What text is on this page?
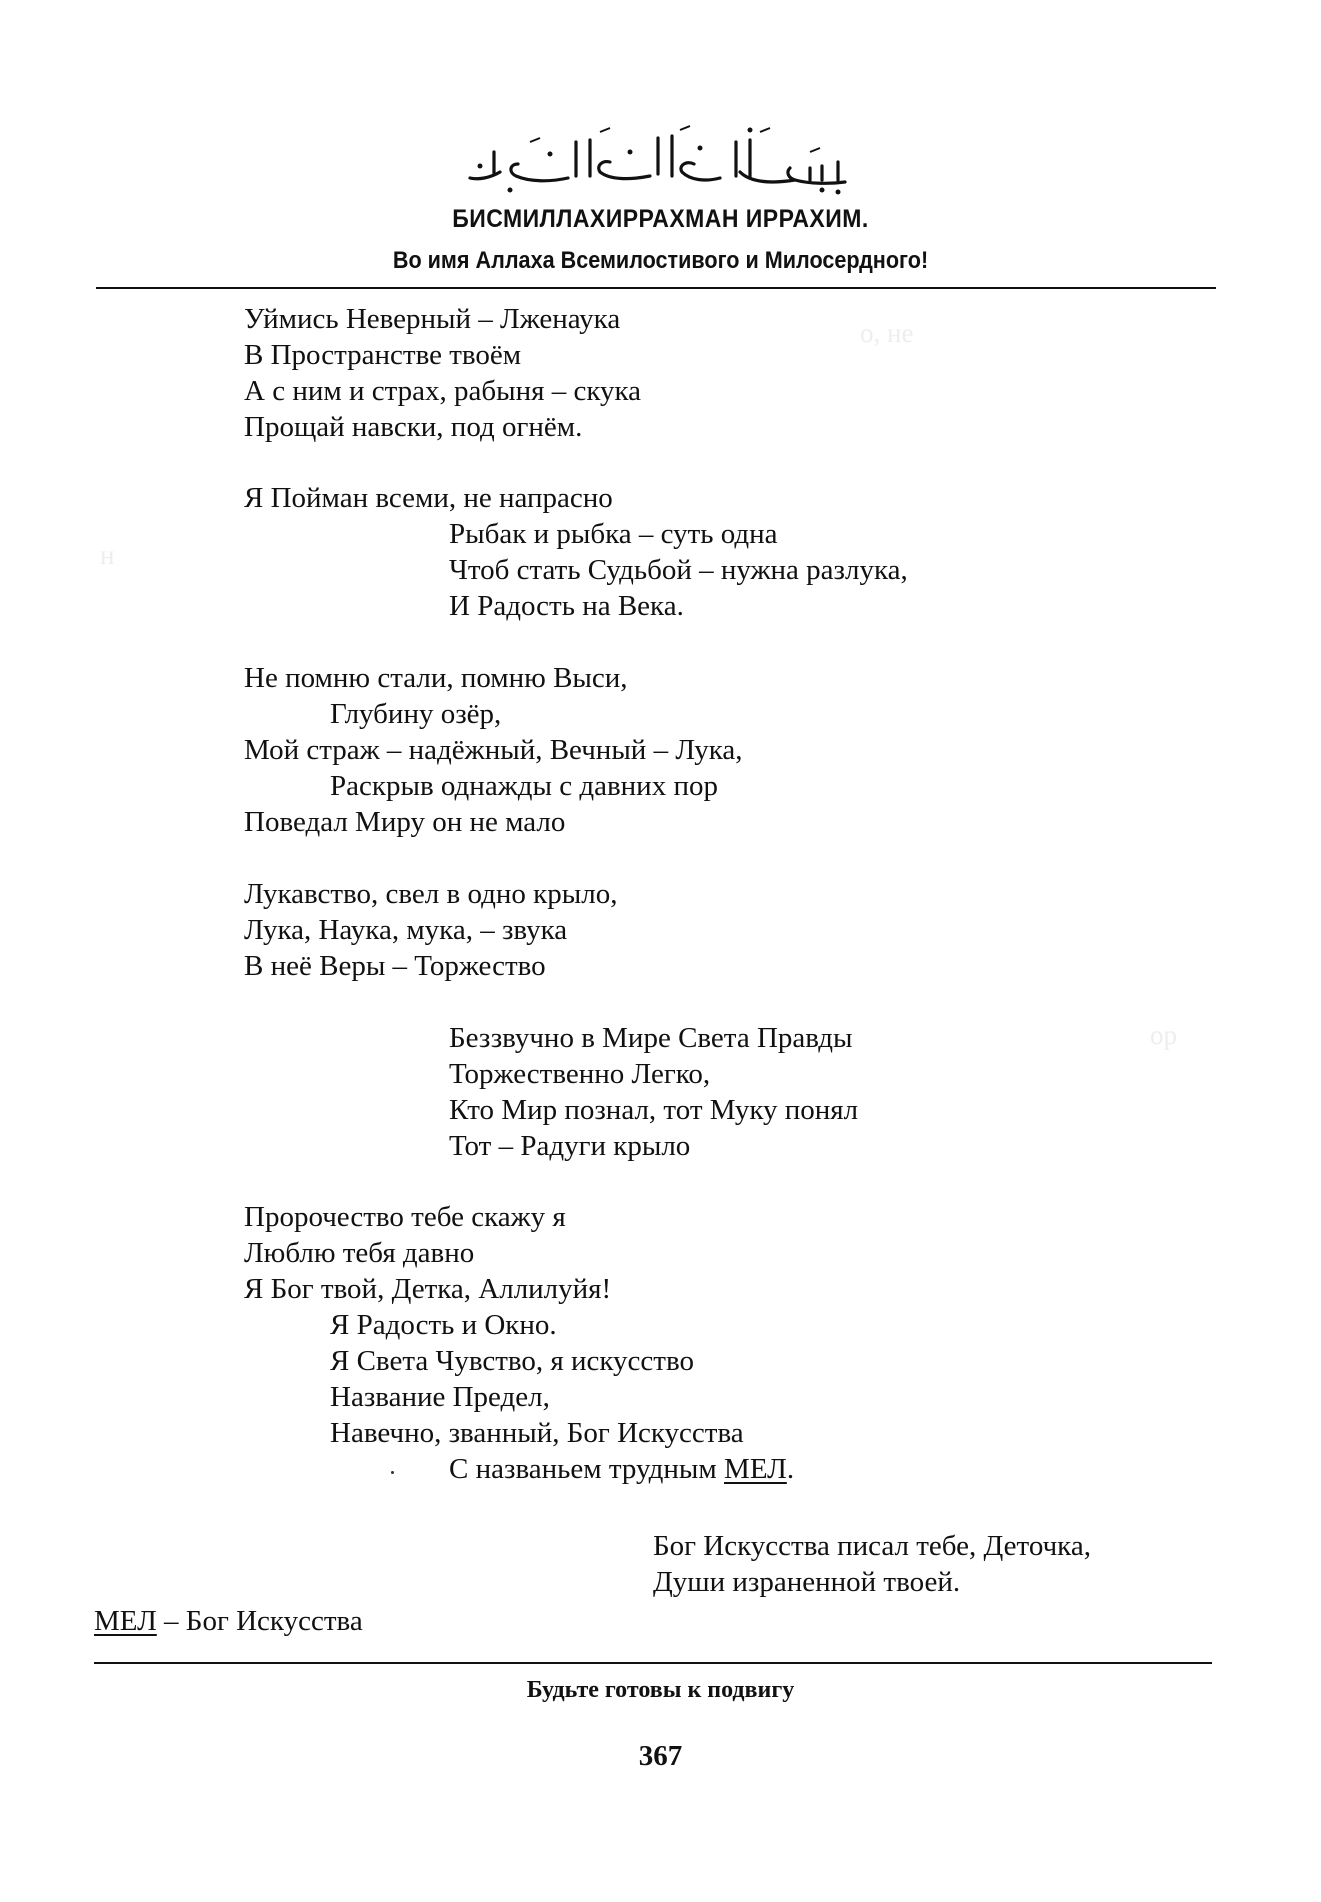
о, не
н
ор
БИСМИЛЛАХИРРАХМАН ИРРАХИМ.
Во имя Аллаха Всемилостивого и Милосердного!
Уймись Неверный – Лженаука
В Пространстве твоём
А с ним и страх, рабыня – скука
Прощай навски, под огнём.
Я Пойман всеми, не напрасно
Рыбак и рыбка – суть одна
Чтоб стать Судьбой – нужна разлука,
И Радость на Века.
Не помню стали, помню Выси,
Глубину озёр,
Мой страж – надёжный, Вечный – Лука,
Раскрыв однажды с давних пор
Поведал Миру он не мало
Лукавство, свел в одно крыло,
Лука, Наука, мука, – звука
В неё Веры – Торжество
Беззвучно в Мире Света Правды
Торжественно Легко,
Кто Мир познал, тот Муку понял
Тот – Радуги крыло
Пророчество тебе скажу я
Люблю тебя давно
Я Бог твой, Детка, Аллилуйя!
Я Радость и Окно.
Я Света Чувство, я искусство
Название Предел,
Навечно, званный, Бог Искусства
С названьем трудным МЕЛ.
Бог Искусства писал тебе, Деточка,
Души израненной твоей.
МЕЛ – Бог Искусства
Будьте готовы к подвигу
367
